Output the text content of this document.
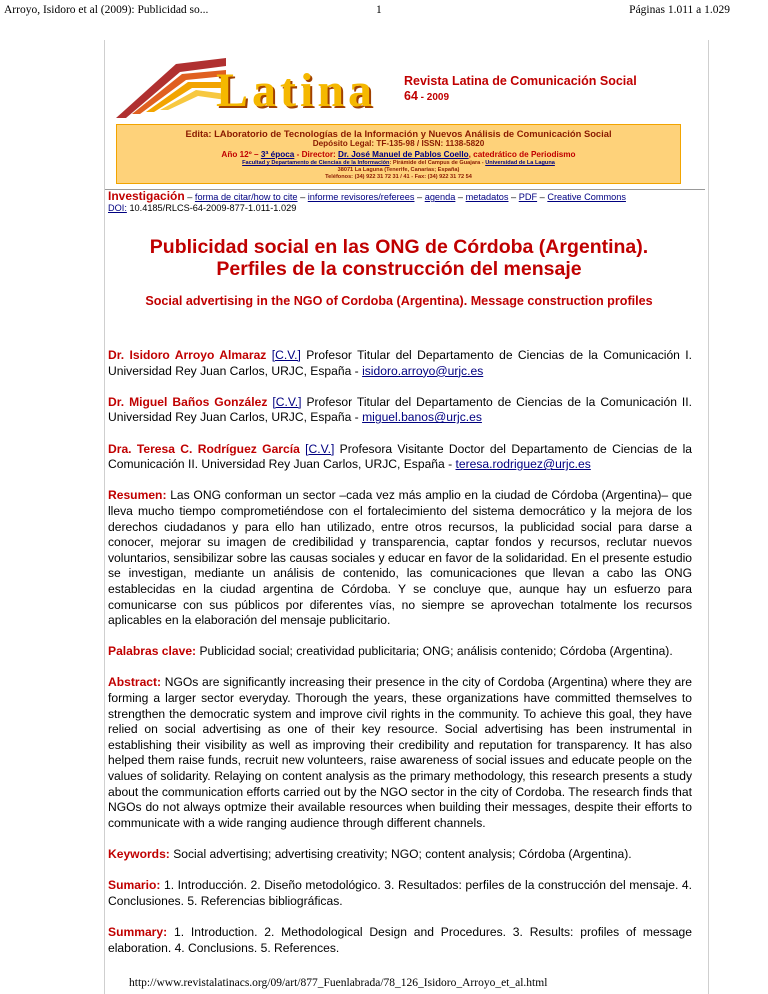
Arroyo, Isidoro et al (2009): Publicidad so...	1	Páginas 1.011 a 1.029
Latina Revista Latina de Comunicación Social
64 - 2009
Edita: LAboratorio de Tecnologías de la Información y Nuevos Análisis de Comunicación Social
Depósito Legal: TF-135-98 / ISSN: 1138-5820
Año 12º – 3ª época - Director: Dr. José Manuel de Pablos Coello, catedrático de Periodismo
Facultad y Departamento de Ciencias de la Información: Pirámide del Campus de Guajara - Universidad de La Laguna
38071 La Laguna (Tenerife, Canarias; España)
Teléfonos: (34) 922 31 72 31 / 41 - Fax: (34) 922 31 72 54
Investigación – forma de citar/how to cite – informe revisores/referees – agenda – metadatos – PDF – Creative Commons
DOI: 10.4185/RLCS-64-2009-877-1.011-1.029
Publicidad social en las ONG de Córdoba (Argentina). Perfiles de la construcción del mensaje
Social advertising in the NGO of Cordoba (Argentina). Message construction profiles

Dr. Isidoro Arroyo Almaraz [C.V.] Profesor Titular del Departamento de Ciencias de la Comunicación I. Universidad Rey Juan Carlos, URJC, España - isidoro.arroyo@urjc.es

Dr. Miguel Baños González [C.V.] Profesor Titular del Departamento de Ciencias de la Comunicación II. Universidad Rey Juan Carlos, URJC, España - miguel.banos@urjc.es

Dra. Teresa C. Rodríguez García [C.V.] Profesora Visitante Doctor del Departamento de Ciencias de la Comunicación II. Universidad Rey Juan Carlos, URJC, España - teresa.rodriguez@urjc.es

Resumen: Las ONG conforman un sector –cada vez más amplio en la ciudad de Córdoba (Argentina)– que lleva mucho tiempo comprometiéndose con el fortalecimiento del sistema democrático y la mejora de los derechos ciudadanos y para ello han utilizado, entre otros recursos, la publicidad social para darse a conocer, mejorar su imagen de credibilidad y transparencia, captar fondos y recursos, reclutar nuevos voluntarios, sensibilizar sobre las causas sociales y educar en favor de la solidaridad. En el presente estudio se investigan, mediante un análisis de contenido, las comunicaciones que llevan a cabo las ONG establecidas en la ciudad argentina de Córdoba. Y se concluye que, aunque hay un esfuerzo para comunicarse con sus públicos por diferentes vías, no siempre se aprovechan totalmente los recursos aplicables en la elaboración del mensaje publicitario.

Palabras clave: Publicidad social; creatividad publicitaria; ONG; análisis contenido; Córdoba (Argentina).

Abstract: NGOs are significantly increasing their presence in the city of Cordoba (Argentina) where they are forming a larger sector everyday. Thorough the years, these organizations have committed themselves to strengthen the democratic system and improve civil rights in the community. To achieve this goal, they have relied on social advertising as one of their key resource. Social advertising has been instrumental in establishing their visibility as well as improving their credibility and reputation for transparency. It has also helped them raise funds, recruit new volunteers, raise awareness of social issues and educate people on the values of solidarity. Relaying on content analysis as the primary methodology, this research presents a study about the communication efforts carried out by the NGO sector in the city of Cordoba. The research finds that NGOs do not always optmize their available resources when building their messages, despite their efforts to communicate with a wide ranging audience through different channels.

Keywords: Social advertising; advertising creativity; NGO; content analysis; Córdoba (Argentina).

Sumario: 1. Introducción. 2. Diseño metodológico. 3. Resultados: perfiles de la construcción del mensaje. 4. Conclusiones. 5. Referencias bibliográficas.

Summary: 1. Introduction. 2. Methodological Design and Procedures. 3. Results: profiles of message elaboration. 4. Conclusions. 5. References.

http://www.revistalatinacs.org/09/art/877_Fuenlabrada/78_126_Isidoro_Arroyo_et_al.html
